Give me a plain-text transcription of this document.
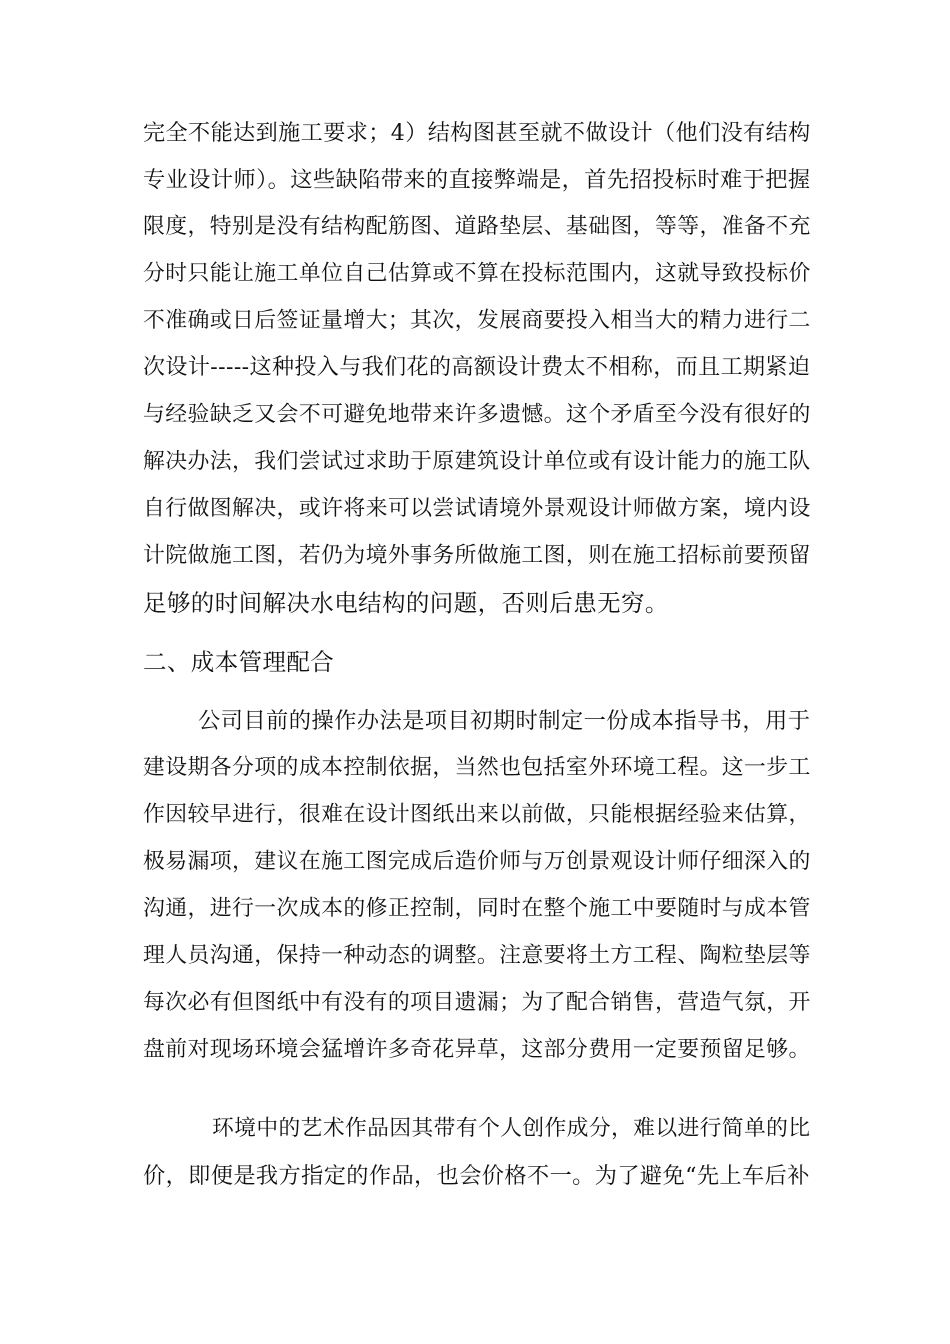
完全不能达到施工要求；4）结构图甚至就不做设计（他们没有结构
专业设计师）。这些缺陷带来的直接弊端是，首先招投标时难于把握
限度，特别是没有结构配筋图、道路垫层、基础图，等等，准备不充
分时只能让施工单位自己估算或不算在投标范围内，这就导致投标价
不准确或日后签证量增大；其次，发展商要投入相当大的精力进行二
次设计-----这种投入与我们花的高额设计费太不相称，而且工期紧迫
与经验缺乏又会不可避免地带来许多遗憾。这个矛盾至今没有很好的
解决办法，我们尝试过求助于原建筑设计单位或有设计能力的施工队
自行做图解决，或许将来可以尝试请境外景观设计师做方案，境内设
计院做施工图，若仍为境外事务所做施工图，则在施工招标前要预留
足够的时间解决水电结构的问题，否则后患无穷。
二、成本管理配合
公司目前的操作办法是项目初期时制定一份成本指导书，用于
建设期各分项的成本控制依据，当然也包括室外环境工程。这一步工
作因较早进行，很难在设计图纸出来以前做，只能根据经验来估算，
极易漏项，建议在施工图完成后造价师与万创景观设计师仔细深入的
沟通，进行一次成本的修正控制，同时在整个施工中要随时与成本管
理人员沟通，保持一种动态的调整。注意要将土方工程、陶粒垫层等
每次必有但图纸中有没有的项目遗漏；为了配合销售，营造气氛，开
盘前对现场环境会猛增许多奇花异草，这部分费用一定要预留足够。
环境中的艺术作品因其带有个人创作成分，难以进行简单的比
价，即便是我方指定的作品，也会价格不一。为了避免“先上车后补
